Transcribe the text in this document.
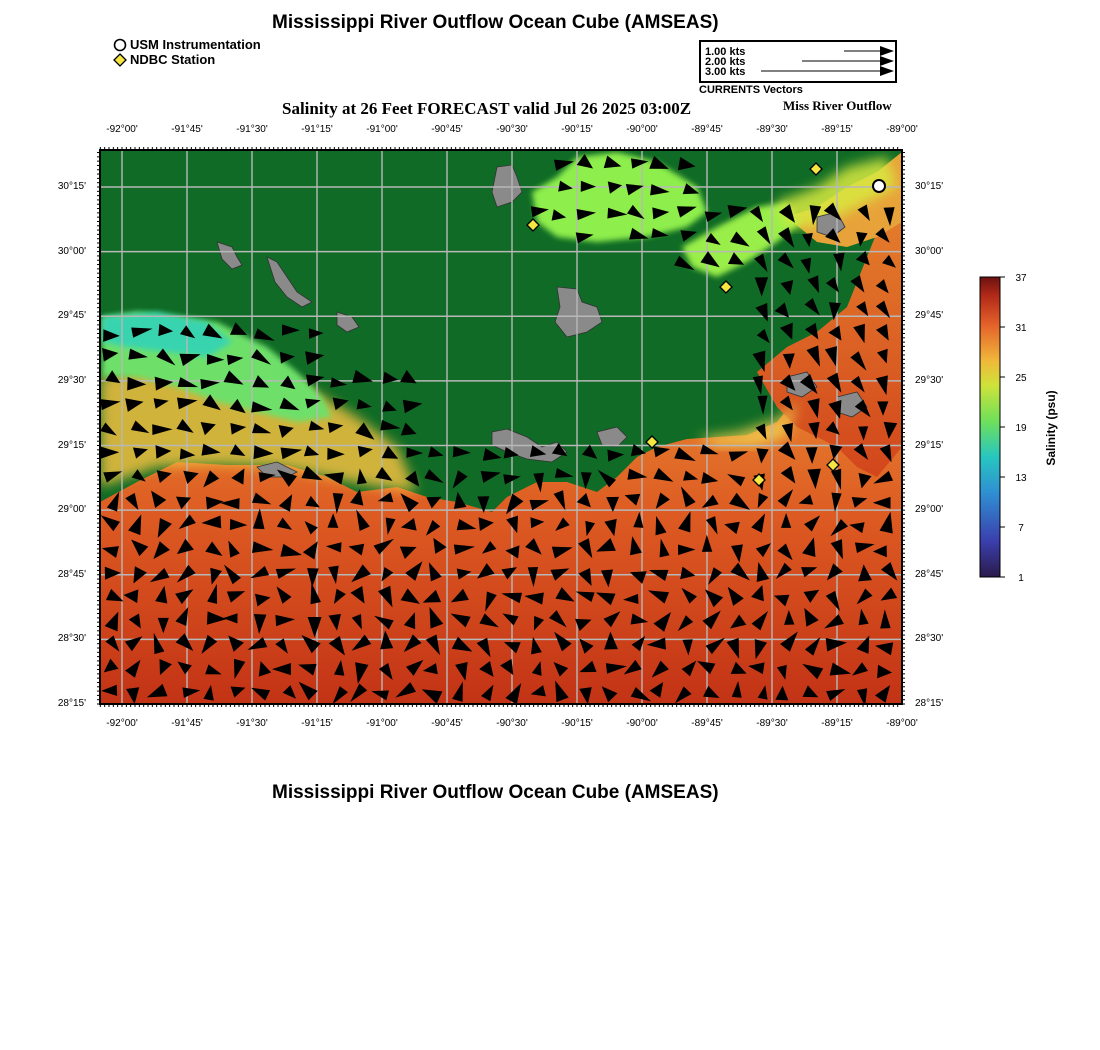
Mississippi River Outflow Ocean Cube (AMSEAS)
USM Instrumentation
NDBC Station	1.00 kts
2.00 kts
3.00 kts
CURRENTS Vectors
Salinity at 26 Feet FORECAST valid Jul 26 2025 03:00Z	Miss River Outflow
-92°00'	-91°45'	-91°30'	-91°15'	-91°00'	-90°45'	-90°30'	-90°15'	-90°00'	-89°45'	-89°30'	-89°15'	-89°00'
-92°00'	-91°45'	-91°30'	-91°15'	-91°00'	-90°45'	-90°30'	-90°15'	-90°00'	-89°45'	-89°30'	-89°15'	-89°00'
30°15'
30°00'
29°45'
29°30'
29°15'
29°00'
28°45'
28°30'
28°15'
30°15'
30°00'
29°45'
29°30'
29°15'
29°00'
28°45'
28°30'
28°15'
37
31
25
19
13
7
1
Salinity (psu)
Mississippi River Outflow Ocean Cube (AMSEAS)
